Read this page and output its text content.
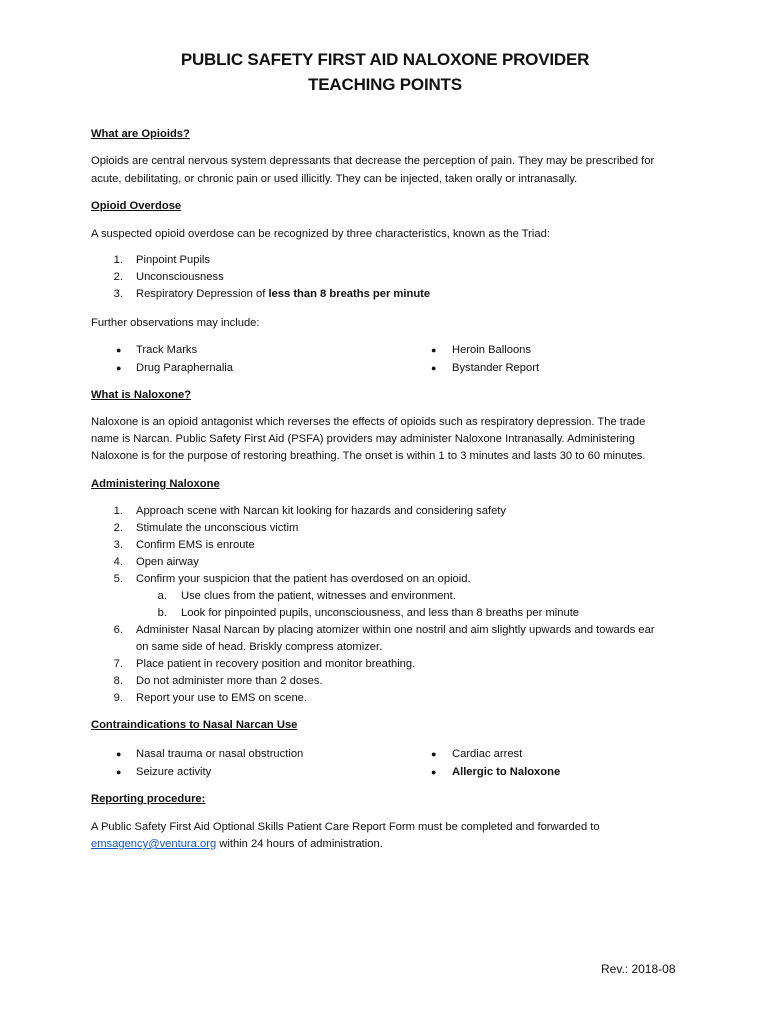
PUBLIC SAFETY FIRST AID NALOXONE PROVIDER
TEACHING POINTS
What are Opioids?
Opioids are central nervous system depressants that decrease the perception of pain. They may be prescribed for
acute, debilitating, or chronic pain or used illicitly. They can be injected, taken orally or intranasally.
Opioid Overdose
A suspected opioid overdose can be recognized by three characteristics, known as the Triad:
1. Pinpoint Pupils
2. Unconsciousness
3. Respiratory Depression of less than 8 breaths per minute
Further observations may include:
● Track Marks
● Drug Paraphernalia
● Heroin Balloons
● Bystander Report
What is Naloxone?
Naloxone is an opioid antagonist which reverses the effects of opioids such as respiratory depression. The trade
name is Narcan. Public Safety First Aid (PSFA) providers may administer Naloxone Intranasally. Administering
Naloxone is for the purpose of restoring breathing. The onset is within 1 to 3 minutes and lasts 30 to 60 minutes.
Administering Naloxone
1. Approach scene with Narcan kit looking for hazards and considering safety
2. Stimulate the unconscious victim
3. Confirm EMS is enroute
4. Open airway
5. Confirm your suspicion that the patient has overdosed on an opioid.
a. Use clues from the patient, witnesses and environment.
b. Look for pinpointed pupils, unconsciousness, and less than 8 breaths per minute
6. Administer Nasal Narcan by placing atomizer within one nostril and aim slightly upwards and towards ear
on same side of head. Briskly compress atomizer.
7. Place patient in recovery position and monitor breathing.
8. Do not administer more than 2 doses.
9. Report your use to EMS on scene.
Contraindications to Nasal Narcan Use
● Nasal trauma or nasal obstruction
● Seizure activity
● Cardiac arrest
● Allergic to Naloxone
Reporting procedure:
A Public Safety First Aid Optional Skills Patient Care Report Form must be completed and forwarded to
emsagency@ventura.org within 24 hours of administration.
Rev.: 2018-08
